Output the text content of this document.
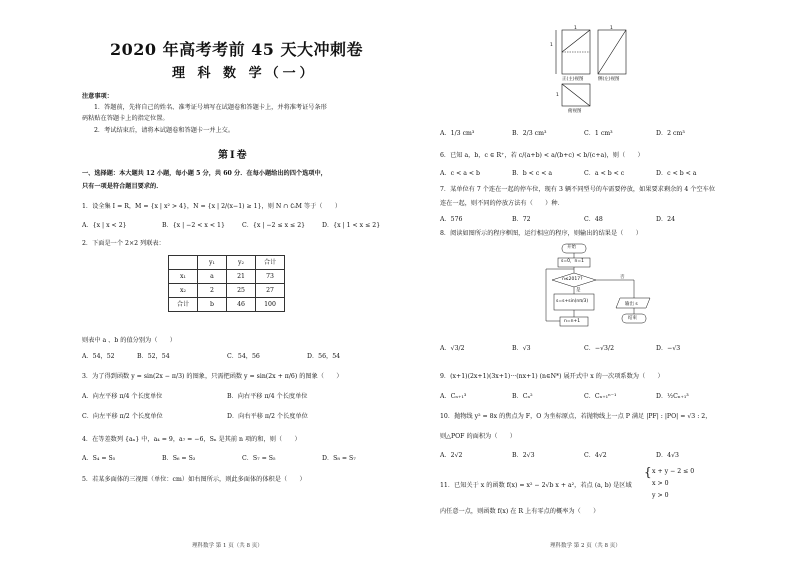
2020 年高考考前 45 天大冲刺卷
理 科 数 学（一）
注意事项：
1．答题前，先将自己的姓名、准考证号填写在试题卷和答题卡上，并将准考证号条形
码粘贴在答题卡上的指定位置。
2．考试结束后，请将本试题卷和答题卡一并上交。
第Ⅰ卷
一、选择题：本大题共 12 小题，每小题 5 分，共 60 分．在每小题给出的四个选项中，
只有一项是符合题目要求的．
1．设全集 I = R，M = {x | x² > 4}，N = {x | 2/(x−1) ≥ 1}，则 N ∩ ∁ᵢM 等于（　　）
A．{x | x < 2}	B．{x | −2 < x < 1}	C．{x | −2 ≤ x ≤ 2}	D．{x | 1 < x ≤ 2}
2．下面是一个 2×2 列联表：
	y₁	y₂	合计
x₁	a	21	73
x₂	2	25	27
合计	b	46	100
则表中 a 、b 的值分别为（　　）
A．54，52	B．52，54	C．54，56	D．56，54
3．为了得到函数 y = sin(2x − π/3) 的图象，只需把函数 y = sin(2x + π/6) 的图象（　　）
A．向左平移 π/4 个长度单位	B．向右平移 π/4 个长度单位
C．向左平移 π/2 个长度单位	D．向右平移 π/2 个长度单位
4．在等差数列 {aₙ} 中，a₄ = 9，a₇ = −6，Sₙ 是其前 n 项的和，则（　　）
A．S₄ = S₅	B．S₆ = S₃	C．S₇ = S₅	D．S₈ = S₇
5．若某多面体的三视图（单位：cm）如右图所示，则此多面体的体积是（　　）
理科数学 第 1 页（共 8 页）
正(主)视图	侧(左)视图
俯视图
1
1	1
1
A．1/3 cm³	B．2/3 cm³	C．1 cm³	D．2 cm³
6．已知 a，b，c ∈ R⁺，若 c/(a+b) < a/(b+c) < b/(c+a)，则（　　）
A．c < a < b	B．b < c < a	C．a < b < c	D．c < b < a
7．某单位有 7 个连在一起的停车位，现有 3 辆不同型号的车需要停放，如果要求剩余的 4 个空车位
连在一起，则不同的停放方法有（　　）种．
A．576	B．72	C．48	D．24
8．阅读如图所示的程序框图，运行相应的程序，则输出的结果是（　　）
开始
s=0，n=1
n≤2017?
是
否
s=s+sin(nπ/3)
n=n+1
输出 s
结束
A．√3/2	B．√3	C．−√3/2	D．−√3
9．(x+1)(2x+1)(3x+1)···(nx+1) (n∈N*) 展开式中 x 的一次项系数为（　　）
A．Cₙ₊₁³	B．Cₙ²	C．Cₙ₊₁ⁿ⁻¹	D．½Cₙ₊₁³
10．抛物线 y² = 8x 的焦点为 F，O 为坐标原点，若抛物线上一点 P 满足 |PF| : |PO| = √3 : 2，
则△POF 的面积为（　　）
A．2√2	B．2√3	C．4√2	D．4√3
11．已知关于 x 的函数 f(x) = x² − 2√b x + a²，若点 (a, b) 是区域
{ x + y − 2 ≤ 0
x > 0
y > 0
内任意一点，则函数 f(x) 在 R 上有零点的概率为（　　）
理科数学 第 2 页（共 8 页）
